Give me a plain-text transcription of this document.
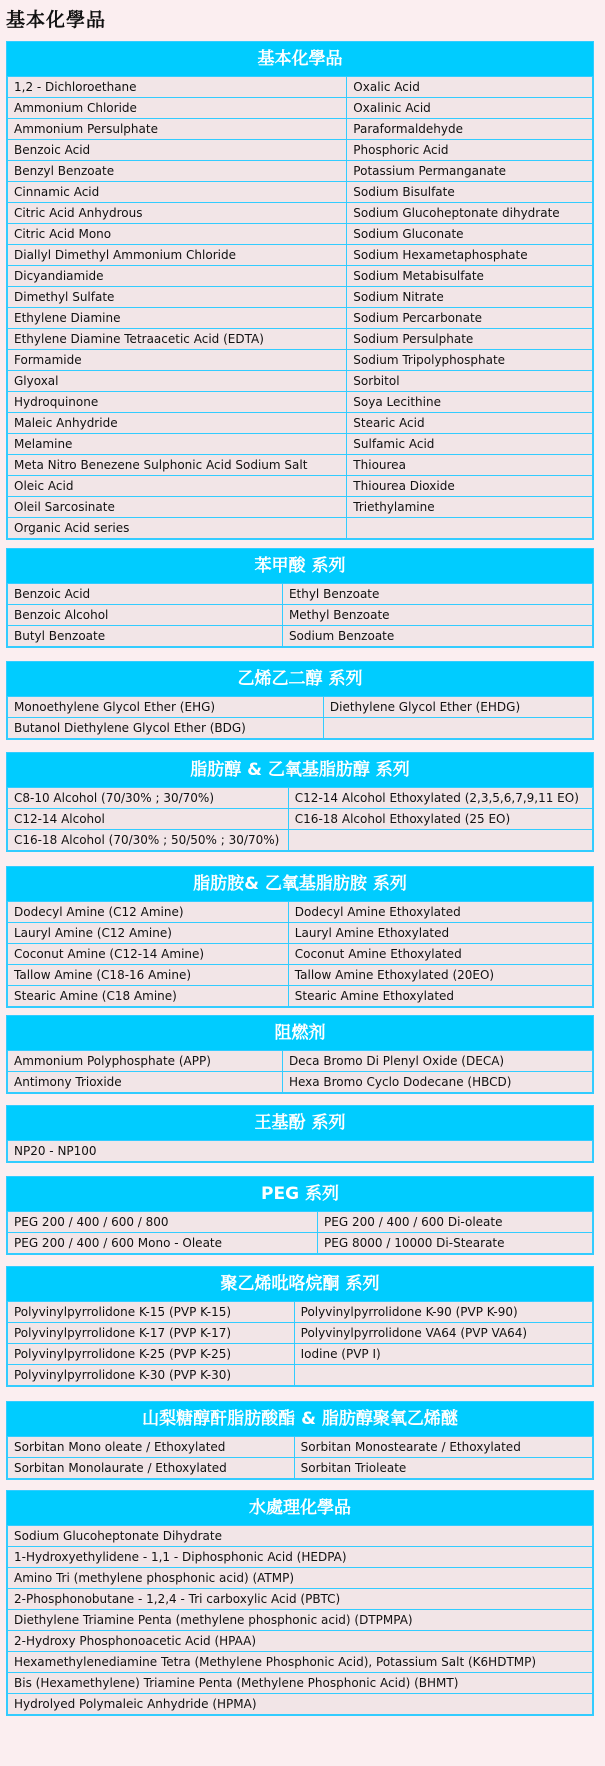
基本化學品
基本化學品
1,2 - Dichloroethane	Oxalic Acid
Ammonium Chloride	Oxalinic Acid
Ammonium Persulphate	Paraformaldehyde
Benzoic Acid	Phosphoric Acid
Benzyl Benzoate	Potassium Permanganate
Cinnamic Acid	Sodium Bisulfate
Citric Acid Anhydrous	Sodium Glucoheptonate dihydrate
Citric Acid Mono	Sodium Gluconate
Diallyl Dimethyl Ammonium Chloride	Sodium Hexametaphosphate
Dicyandiamide	Sodium Metabisulfate
Dimethyl Sulfate	Sodium Nitrate
Ethylene Diamine	Sodium Percarbonate
Ethylene Diamine Tetraacetic Acid (EDTA)	Sodium Persulphate
Formamide	Sodium Tripolyphosphate
Glyoxal	Sorbitol
Hydroquinone	Soya Lecithine
Maleic Anhydride	Stearic Acid
Melamine	Sulfamic Acid
Meta Nitro Benezene Sulphonic Acid Sodium Salt	Thiourea
Oleic Acid	Thiourea Dioxide
Oleil Sarcosinate	Triethylamine
Organic Acid series	
苯甲酸 系列
Benzoic Acid	Ethyl Benzoate
Benzoic Alcohol	Methyl Benzoate
Butyl Benzoate	Sodium Benzoate
乙烯乙二醇 系列
Monoethylene Glycol Ether (EHG)	Diethylene Glycol Ether (EHDG)
Butanol Diethylene Glycol Ether (BDG)	
脂肪醇 & 乙氧基脂肪醇 系列
C8-10 Alcohol (70/30% ; 30/70%)	C12-14 Alcohol Ethoxylated (2,3,5,6,7,9,11 EO)
C12-14 Alcohol	C16-18 Alcohol Ethoxylated (25 EO)
C16-18 Alcohol (70/30% ; 50/50% ; 30/70%)	
脂肪胺& 乙氧基脂肪胺 系列
Dodecyl Amine (C12 Amine)	Dodecyl Amine Ethoxylated
Lauryl Amine (C12 Amine)	Lauryl Amine Ethoxylated
Coconut Amine (C12-14 Amine)	Coconut Amine Ethoxylated
Tallow Amine (C18-16 Amine)	Tallow Amine Ethoxylated (20EO)
Stearic Amine (C18 Amine)	Stearic Amine Ethoxylated
阻燃剂
Ammonium Polyphosphate (APP)	Deca Bromo Di Plenyl Oxide (DECA)
Antimony Trioxide	Hexa Bromo Cyclo Dodecane (HBCD)
王基酚 系列
NP20 - NP100
PEG 系列
PEG 200 / 400 / 600 / 800	PEG 200 / 400 / 600 Di-oleate
PEG 200 / 400 / 600 Mono - Oleate	PEG 8000 / 10000 Di-Stearate
聚乙烯吡咯烷酮 系列
Polyvinylpyrrolidone K-15 (PVP K-15)	Polyvinylpyrrolidone K-90 (PVP K-90)
Polyvinylpyrrolidone K-17 (PVP K-17)	Polyvinylpyrrolidone VA64 (PVP VA64)
Polyvinylpyrrolidone K-25 (PVP K-25)	Iodine (PVP I)
Polyvinylpyrrolidone K-30 (PVP K-30)	
山梨糖醇酐脂肪酸酯 & 脂肪醇聚氧乙烯醚
Sorbitan Mono oleate / Ethoxylated	Sorbitan Monostearate / Ethoxylated
Sorbitan Monolaurate / Ethoxylated	Sorbitan Trioleate
水處理化學品
Sodium Glucoheptonate Dihydrate
1-Hydroxyethylidene - 1,1 - Diphosphonic Acid (HEDPA)
Amino Tri (methylene phosphonic acid) (ATMP)
2-Phosphonobutane - 1,2,4 - Tri carboxylic Acid (PBTC)
Diethylene Triamine Penta (methylene phosphonic acid) (DTPMPA)
2-Hydroxy Phosphonoacetic Acid (HPAA)
Hexamethylenediamine Tetra (Methylene Phosphonic Acid), Potassium Salt (K6HDTMP)
Bis (Hexamethylene) Triamine Penta (Methylene Phosphonic Acid) (BHMT)
Hydrolyed Polymaleic Anhydride (HPMA)
